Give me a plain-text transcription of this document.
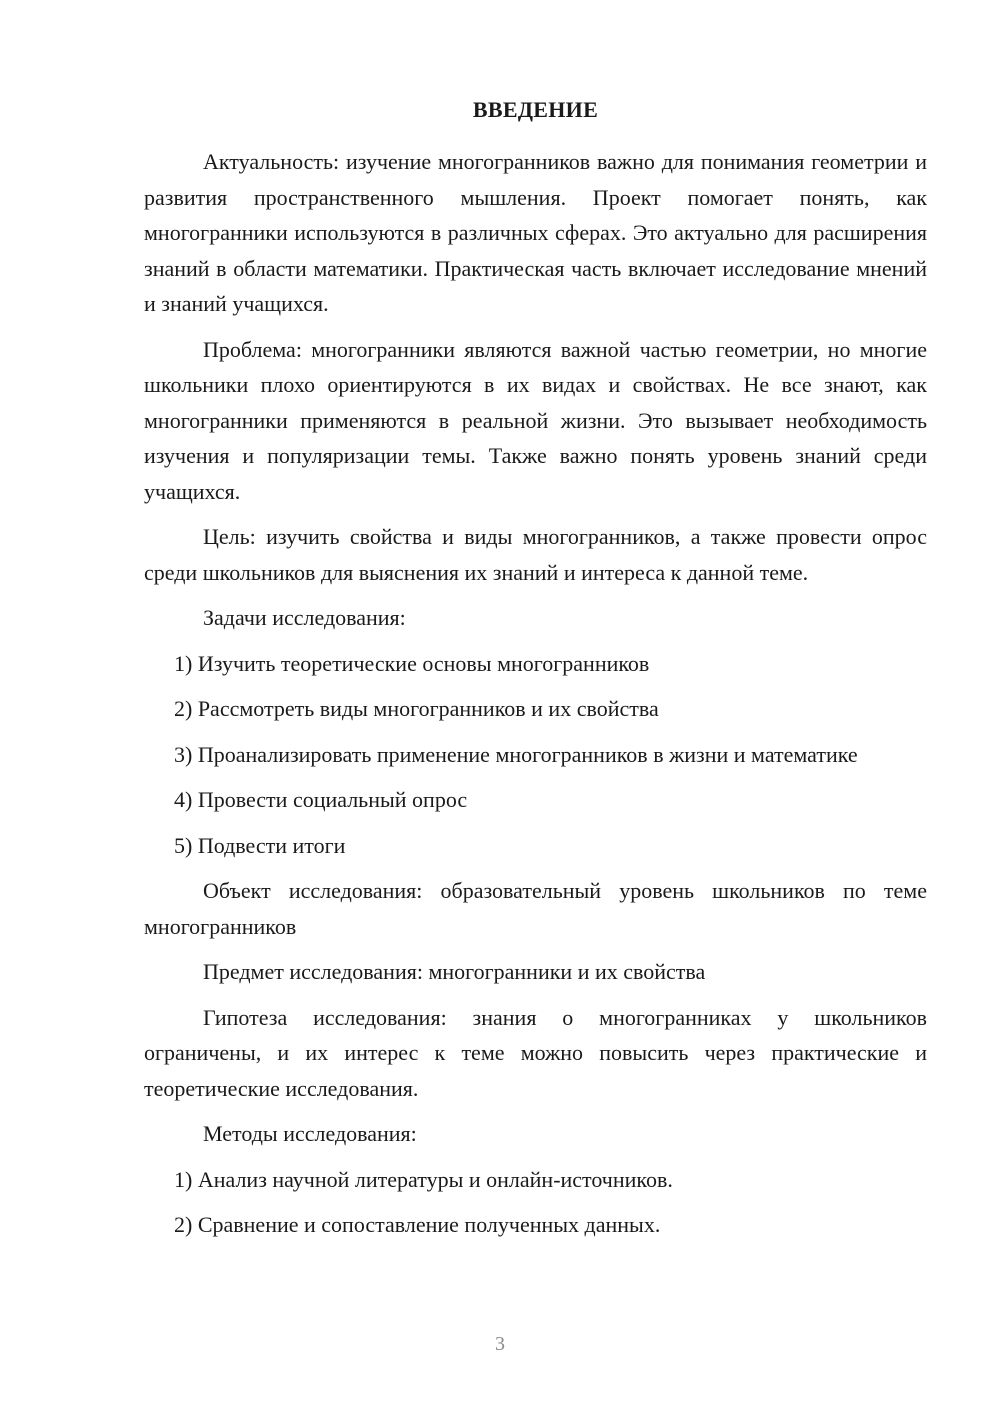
ВВЕДЕНИЕ

Актуальность: изучение многогранников важно для понимания геометрии и развития пространственного мышления. Проект помогает понять, как многогранники используются в различных сферах. Это актуально для расширения знаний в области математики. Практическая часть включает исследование мнений и знаний учащихся.

Проблема: многогранники являются важной частью геометрии, но многие школьники плохо ориентируются в их видах и свойствах. Не все знают, как многогранники применяются в реальной жизни. Это вызывает необходимость изучения и популяризации темы. Также важно понять уровень знаний среди учащихся.

Цель: изучить свойства и виды многогранников, а также провести опрос среди школьников для выяснения их знаний и интереса к данной теме.

Задачи исследования:

1) Изучить теоретические основы многогранников

2) Рассмотреть виды многогранников и их свойства

3) Проанализировать применение многогранников в жизни и математике

4) Провести социальный опрос

5) Подвести итоги

Объект исследования: образовательный уровень школьников по теме многогранников

Предмет исследования: многогранники и их свойства

Гипотеза исследования: знания о многогранниках у школьников ограничены, и их интерес к теме можно повысить через практические и теоретические исследования.

Методы исследования:

1) Анализ научной литературы и онлайн-источников.

2) Сравнение и сопоставление полученных данных.

3
